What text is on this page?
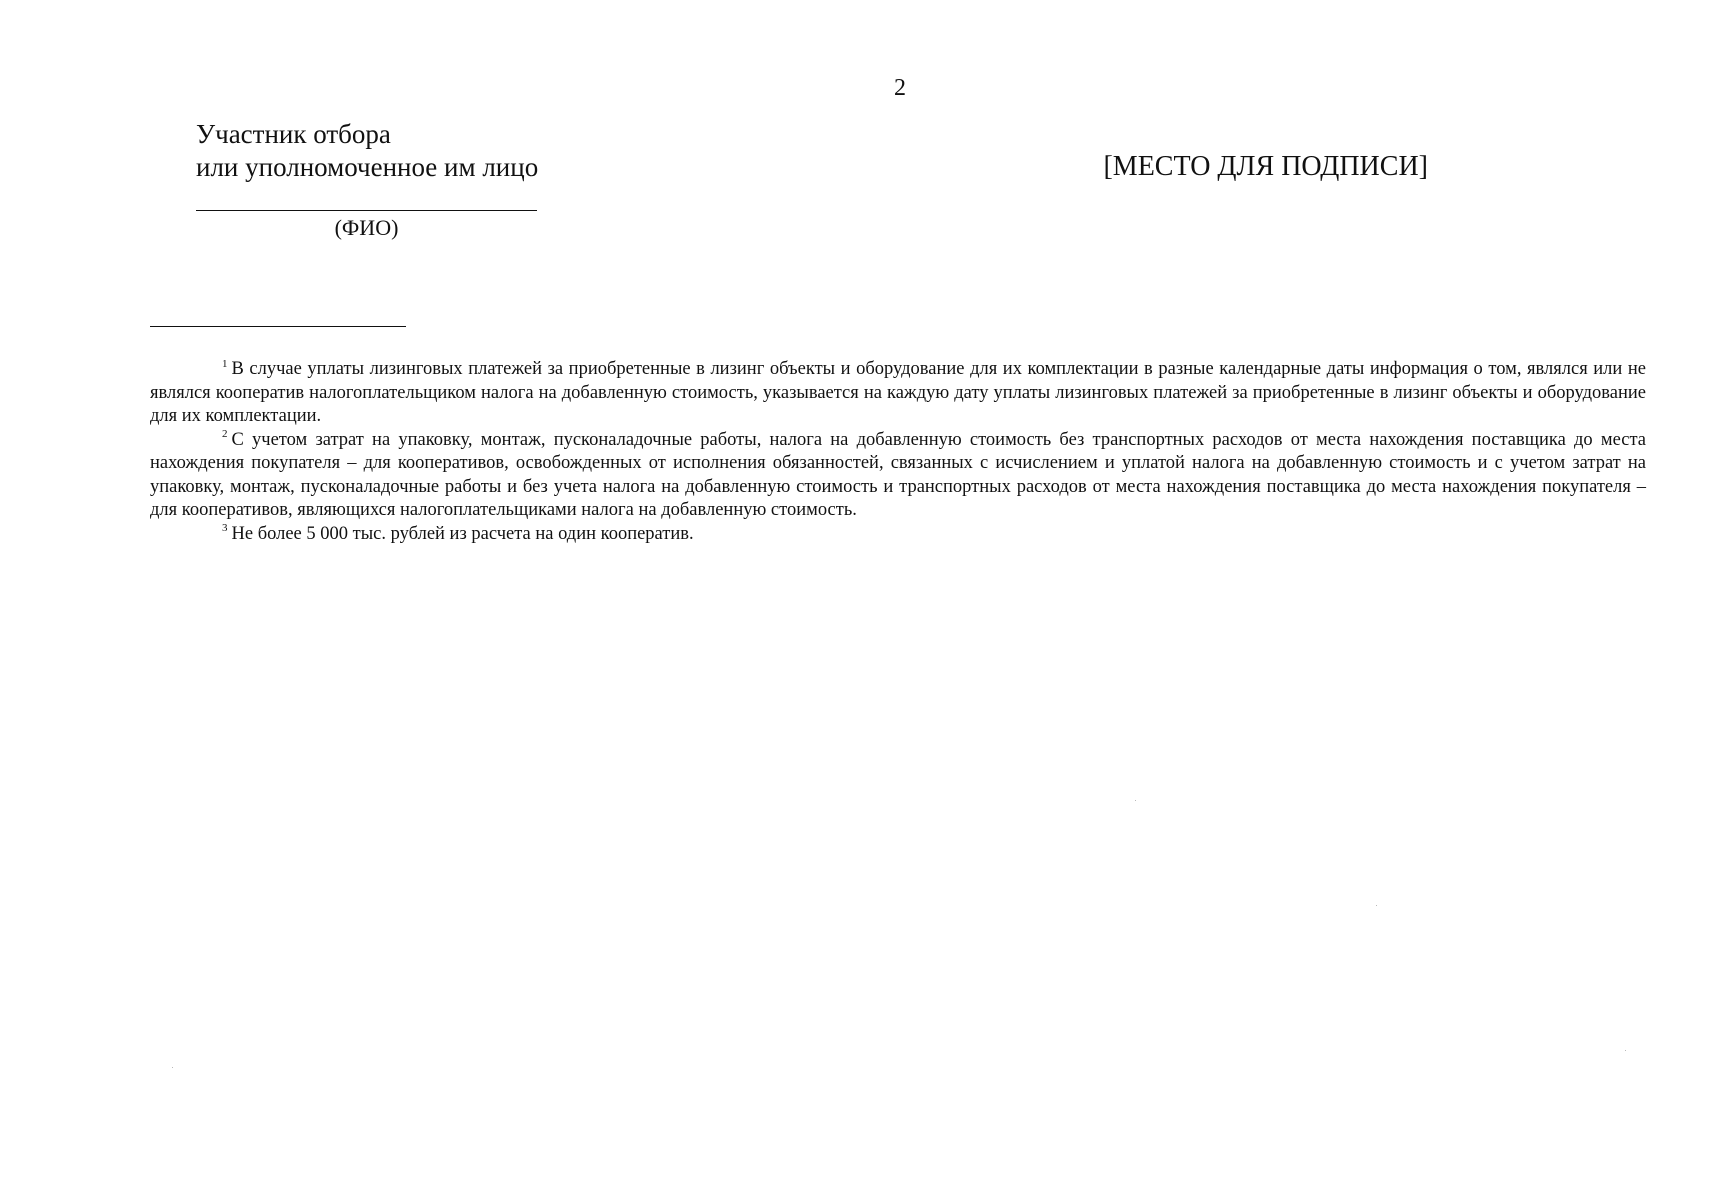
2
Участник отбора
или уполномоченное им лицо
(ФИО)
[МЕСТО ДЛЯ ПОДПИСИ]

$^1$ В случае уплаты лизинговых платежей за приобретенные в лизинг объекты и оборудование для их комплектации в разные календарные даты информация о том, являлся или не являлся кооператив налогоплательщиком налога на добавленную стоимость, указывается на каждую дату уплаты лизинговых платежей за приобретенные в лизинг объекты и оборудование для их комплектации.

$^2$ С учетом затрат на упаковку, монтаж, пусконаладочные работы, налога на добавленную стоимость без транспортных расходов от места нахождения поставщика до места нахождения покупателя – для кооперативов, освобожденных от исполнения обязанностей, связанных с исчислением и уплатой налога на добавленную стоимость и с учетом затрат на упаковку, монтаж, пусконаладочные работы и без учета налога на добавленную стоимость и транспортных расходов от места нахождения поставщика до места нахождения покупателя – для кооперативов, являющихся налогоплательщиками налога на добавленную стоимость.

$^3$ Не более 5 000 тыс. рублей из расчета на один кооператив.
